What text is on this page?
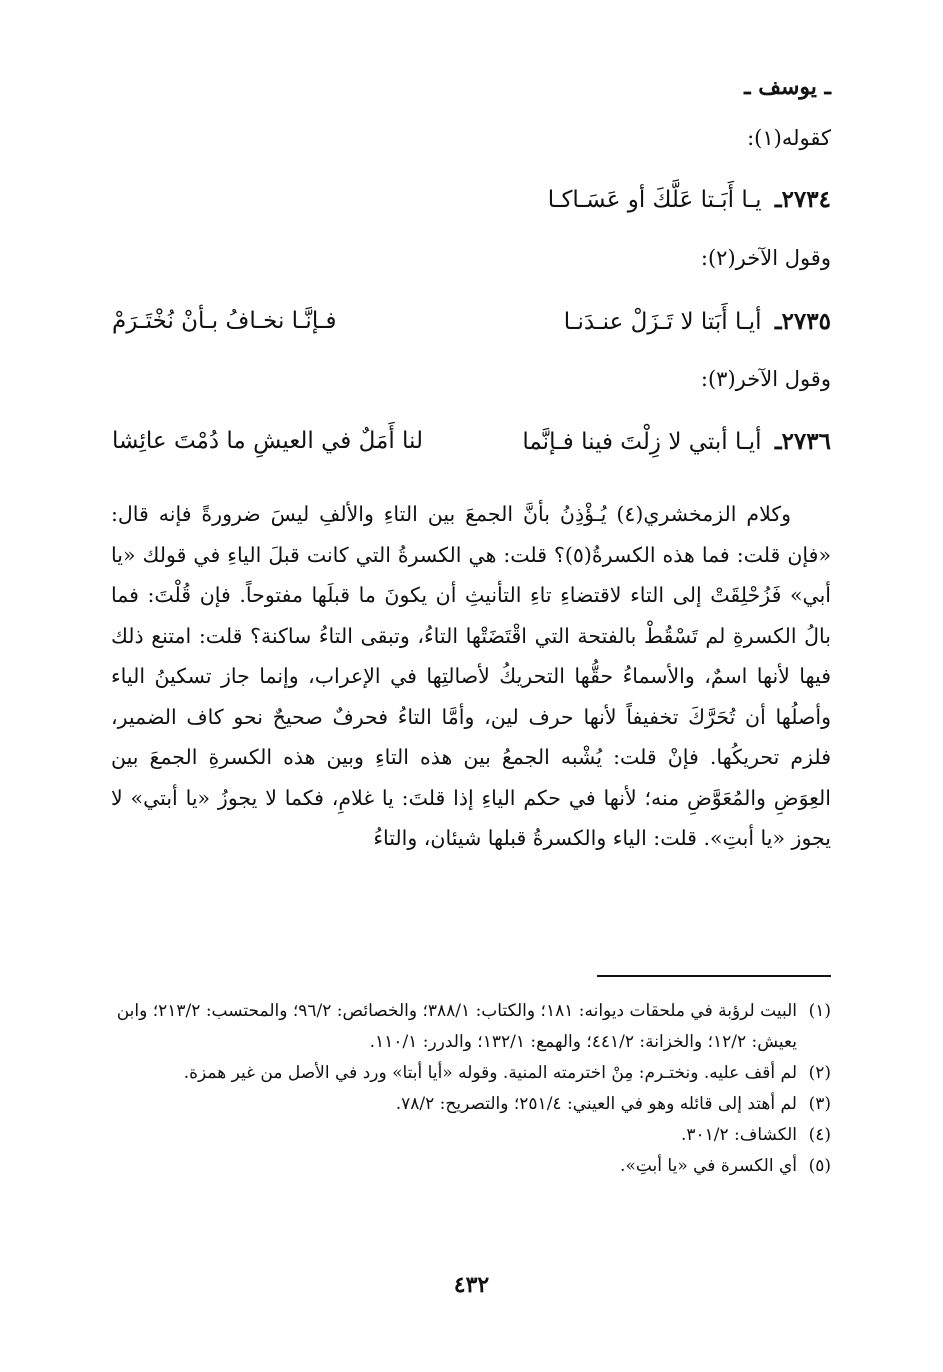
ـ يوسف ـ
كقوله(١):
٢٧٣٤ـ يـا أَبَـتا عَلَّكَ أو عَسَـاكـا
وقول الآخر(٢):
٢٧٣٥ـ أيـا أَبَتا لا تَـزَلْ عنـدَنـا
فـإنَّـا نخـافُ بـأنْ نُخْتَـرَمْ
وقول الآخر(٣):
٢٧٣٦ـ أيـا أبتي لا زِلْتَ فينا فـإنَّما
لنا أَمَلٌ في العيشِ ما دُمْتَ عائِشا

وكلام الزمخشري(٤) يُـؤْذِنُ بأنَّ الجمعَ بين التاءِ والألفِ ليسَ ضرورةً فإنه قال: «فإن قلت: فما هذه الكسرةُ(٥)؟ قلت: هي الكسرةُ التي كانت قبلَ الياءِ في قولك «يا أبي» فَزُحْلِقَتْ إلى التاء لاقتضاءِ تاءِ التأنيثِ أن يكونَ ما قبلَها مفتوحاً. فإن قُلْتَ: فما بالُ الكسرةِ لم تَسْقُطْ بالفتحة التي اقْتَضَتْها التاءُ، وتبقى التاءُ ساكنة؟ قلت: امتنع ذلك فيها لأنها اسمٌ، والأسماءُ حقُّها التحريكُ لأصالتِها في الإعراب، وإنما جاز تسكينُ الياء وأصلُها أن تُحَرَّكَ تخفيفاً لأنها حرف لين، وأمَّا التاءُ فحرفٌ صحيحٌ نحو كاف الضمير، فلزم تحريكُها. فإنْ قلت: يُشْبه الجمعُ بين هذه التاءِ وبين هذه الكسرةِ الجمعَ بين العِوَضِ والمُعَوَّضِ منه؛ لأنها في حكم الياءِ إذا قلتَ: يا غلامِ، فكما لا يجوزُ «يا أبتي» لا يجوز «يا أبتِ». قلت: الياء والكسرةُ قبلها شيئان، والتاءُ

(١)
البيت لرؤبة في ملحقات ديوانه: ١٨١؛ والكتاب: ٣٨٨/١؛ والخصائص: ٩٦/٢؛ والمحتسب: ٢١٣/٢؛ وابن يعيش: ١٢/٢؛ والخزانة: ٤٤١/٢؛ والهمع: ١٣٢/١؛ والدرر: ١١٠/١.
(٢)
لم أقف عليه. ونختـرم: مِنْ اخترمته المنية. وقوله «أيا أبتا» ورد في الأصل من غير همزة.
(٣)
لم أهتد إلى قائله وهو في العيني: ٢٥١/٤؛ والتصريح: ٧٨/٢.
(٤)
الكشاف: ٣٠١/٢.
(٥)
أي الكسرة في «يا أبتِ».
٤٣٢
